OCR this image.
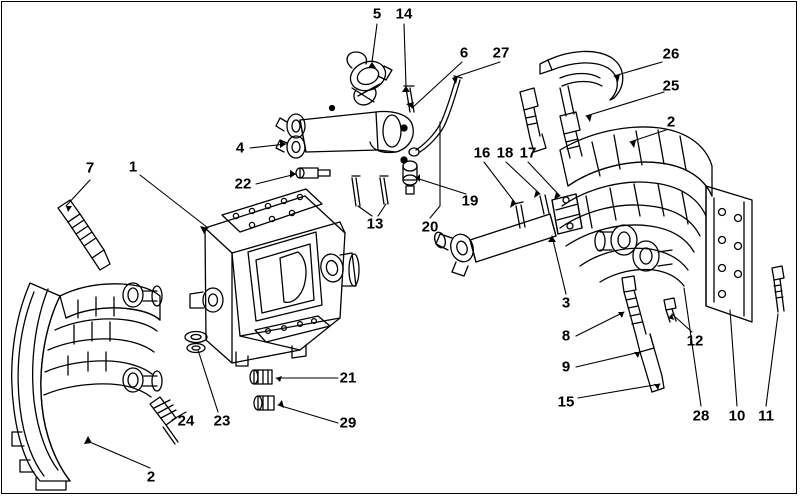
1
2
2
3
4
5
6
7
8
9
10 11
12
13
14
15
16 17
18
19
20
21
22
23
24
25
26
27
28
29
